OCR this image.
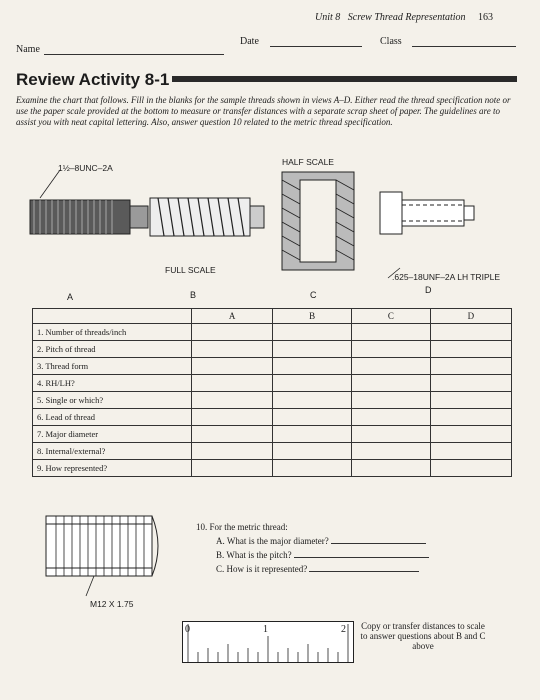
Unit 8 Screw Thread Representation 163
Name
Date	Class
Review Activity 8-1
Examine the chart that follows. Fill in the blanks for the sample threads shown in views A–D. Either read the thread specification note or use the paper scale provided at the bottom to measure or transfer distances with a separate scrap sheet of paper. The guidelines are to assist you with neat capital lettering. Also, answer question 10 related to the metric thread specification.
1½–8UNC–2A
HALF SCALE
FULL SCALE
.625–18UNF–2A LH TRIPLE
A	B	C	D
	A	B	C	D
1. Number of threads/inch				
2. Pitch of thread				
3. Thread form				
4. RH/LH?				
5. Single or which?				
6. Lead of thread				
7. Major diameter				
8. Internal/external?				
9. How represented?				
M12 X 1.75
10. For the metric thread:
A. What is the major diameter?
B. What is the pitch?
C. How is it represented?
0	1	2	Copy or transfer distances to scale to answer questions about B and C above
